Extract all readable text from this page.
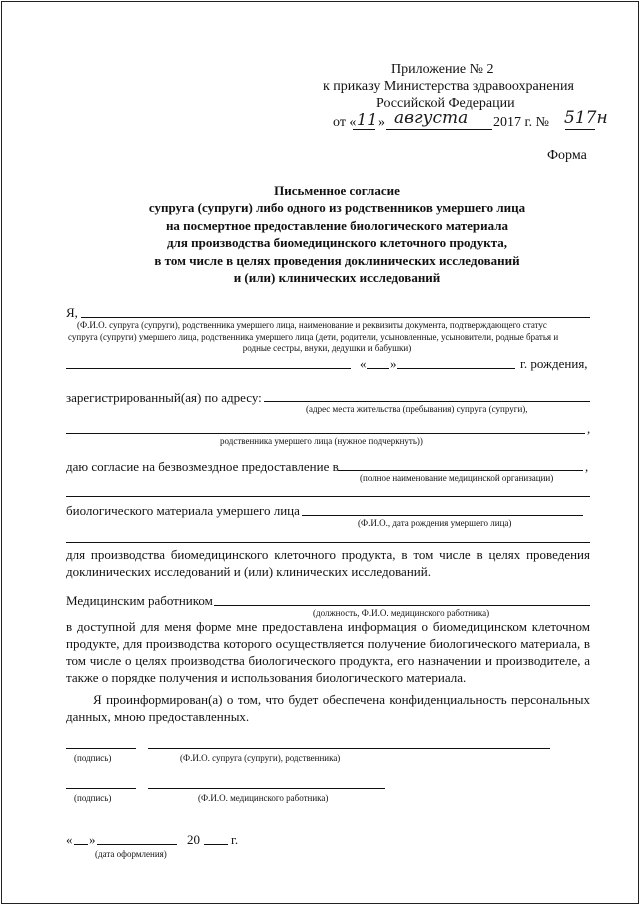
Приложение № 2
к приказу Министерства здравоохранения
Российской Федерации
от « 11 » августа 2017 г. № 517н
Форма
Письменное согласие
супруга (супруги) либо одного из родственников умершего лица
на посмертное предоставление биологического материала
для производства биомедицинского клеточного продукта,
в том числе в целях проведения доклинических исследований
и (или) клинических исследований
Я,
(Ф.И.О. супруга (супруги), родственника умершего лица, наименование и реквизиты документа, подтверждающего статус
супруга (супруги) умершего лица, родственника умершего лица (дети, родители, усыновленные, усыновители, родные братья и
родные сестры, внуки, дедушки и бабушки)
« »	г. рождения,
зарегистрированный(ая) по адресу:
(адрес места жительства (пребывания) супруга (супруги),
,
родственника умершего лица (нужное подчеркнуть))
даю согласие на безвозмездное предоставление в	,
(полное наименование медицинской организации)
биологического материала умершего лица
(Ф.И.О., дата рождения умершего лица)
для производства биомедицинского клеточного продукта, в том числе в целях проведения
доклинических исследований и (или) клинических исследований.
Медицинским работником
(должность, Ф.И.О. медицинского работника)
в доступной для меня форме мне предоставлена информация о биомедицинском клеточном
продукте, для производства которого осуществляется получение биологического материала, в
том числе о целях производства биологического продукта, его назначении и производителе, а
также о порядке получения и использования биологического материала.
Я проинформирован(а) о том, что будет обеспечена конфиденциальность персональных
данных, мною предоставленных.
(подпись)	(Ф.И.О. супруга (супруги), родственника)
(подпись)	(Ф.И.О. медицинского работника)
« »	20 г.
(дата оформления)
